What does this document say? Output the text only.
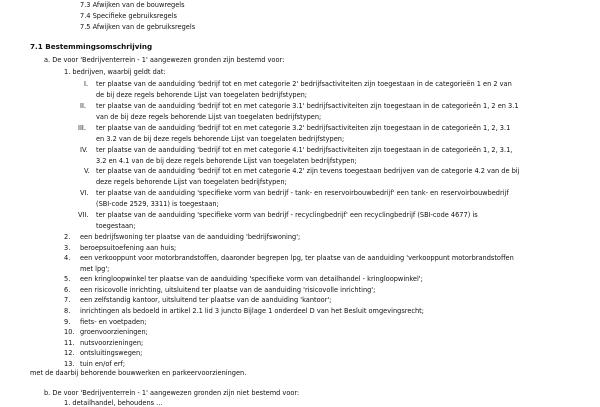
7.3 Afwijken van de bouwregels
7.4 Specifieke gebruiksregels
7.5 Afwijken van de gebruiksregels
7.1 Bestemmingsomschrijving
a. De voor 'Bedrijventerrein - 1' aangewezen gronden zijn bestemd voor:
1. bedrijven, waarbij geldt dat:
I. ter plaatse van de aanduiding 'bedrijf tot en met categorie 2' bedrijfsactiviteiten zijn toegestaan in de categorieën 1 en 2 van
de bij deze regels behorende Lijst van toegelaten bedrijfstypen;
II. ter plaatse van de aanduiding 'bedrijf tot en met categorie 3.1' bedrijfsactiviteiten zijn toegestaan in de categorieën 1, 2 en 3.1
van de bij deze regels behorende Lijst van toegelaten bedrijfstypen;
III. ter plaatse van de aanduiding 'bedrijf tot en met categorie 3.2' bedrijfsactiviteiten zijn toegestaan in de categorieën 1, 2, 3.1
en 3.2 van de bij deze regels behorende Lijst van toegelaten bedrijfstypen;
IV. ter plaatse van de aanduiding 'bedrijf tot en met categorie 4.1' bedrijfsactiviteiten zijn toegestaan in de categorieën 1, 2, 3.1,
3.2 en 4.1 van de bij deze regels behorende Lijst van toegelaten bedrijfstypen;
V. ter plaatse van de aanduiding 'bedrijf tot en met categorie 4.2' zijn tevens toegestaan bedrijven van de categorie 4.2 van de bij
deze regels behorende Lijst van toegelaten bedrijfstypen;
VI. ter plaatse van de aanduiding 'specifieke vorm van bedrijf - tank- en reservoirbouwbedrijf' een tank- en reservoirbouwbedrijf
(SBI-code 2529, 3311) is toegestaan;
VII. ter plaatse van de aanduiding 'specifieke vorm van bedrijf - recyclingbedrijf' een recyclingbedrijf (SBI-code 4677) is
toegestaan;
2. een bedrijfswoning ter plaatse van de aanduiding 'bedrijfswoning';
3. beroepsuitoefening aan huis;
4. een verkooppunt voor motorbrandstoffen, daaronder begrepen lpg, ter plaatse van de aanduiding 'verkooppunt motorbrandstoffen
met lpg';
5. een kringloopwinkel ter plaatse van de aanduiding 'specifieke vorm van detailhandel - kringloopwinkel';
6. een risicovolle inrichting, uitsluitend ter plaatse van de aanduiding 'risicovolle inrichting';
7. een zelfstandig kantoor, uitsluitend ter plaatse van de aanduiding 'kantoor';
8. inrichtingen als bedoeld in artikel 2.1 lid 3 juncto Bijlage 1 onderdeel D van het Besluit omgevingsrecht;
9. fiets- en voetpaden;
10. groenvoorzieningen;
11. nutsvoorzieningen;
12. ontsluitingswegen;
13. tuin en/of erf;
met de daarbij behorende bouwwerken en parkeervoorzieningen.
b. De voor 'Bedrijventerrein - 1' aangewezen gronden zijn niet bestemd voor:
1. detailhandel, behoudens ...
